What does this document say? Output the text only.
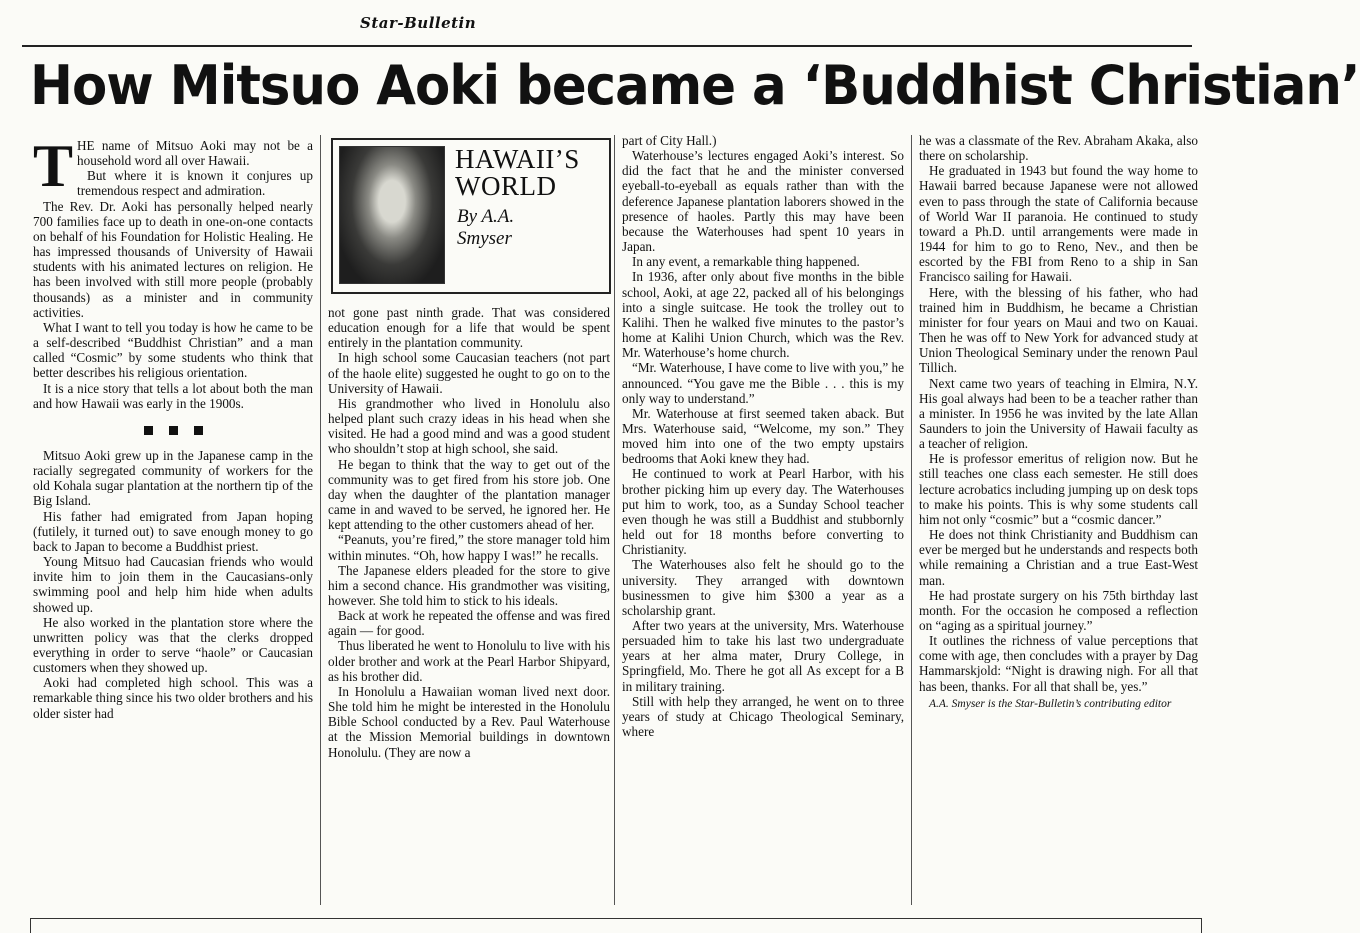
Star-Bulletin
How Mitsuo Aoki became a ‘Buddhist Christian’
T HE name of Mitsuo Aoki may not be a household word all over Hawaii.

But where it is known it conjures up tremendous respect and admiration.

The Rev. Dr. Aoki has personally helped nearly 700 families face up to death in one-on-one contacts on behalf of his Foundation for Holistic Healing. He has impressed thousands of University of Hawaii students with his animated lectures on religion. He has been involved with still more people (probably thousands) as a minister and in community activities.

What I want to tell you today is how he came to be a self-described “Buddhist Christian” and a man called “Cosmic” by some students who think that better describes his religious orientation.

It is a nice story that tells a lot about both the man and how Hawaii was early in the 1900s.

Mitsuo Aoki grew up in the Japanese camp in the racially segregated community of workers for the old Kohala sugar plantation at the northern tip of the Big Island.

His father had emigrated from Japan hoping (futilely, it turned out) to save enough money to go back to Japan to become a Buddhist priest.

Young Mitsuo had Caucasian friends who would invite him to join them in the Caucasians-only swimming pool and help him hide when adults showed up.

He also worked in the plantation store where the unwritten policy was that the clerks dropped everything in order to serve “haole” or Caucasian customers when they showed up.

Aoki had completed high school. This was a remarkable thing since his two older brothers and his older sister had

HAWAII’S
WORLD
By A.A.
Smyser

not gone past ninth grade. That was considered education enough for a life that would be spent entirely in the plantation community.

In high school some Caucasian teachers (not part of the haole elite) suggested he ought to go on to the University of Hawaii.

His grandmother who lived in Honolulu also helped plant such crazy ideas in his head when she visited. He had a good mind and was a good student who shouldn’t stop at high school, she said.

He began to think that the way to get out of the community was to get fired from his store job. One day when the daughter of the plantation manager came in and waved to be served, he ignored her. He kept attending to the other customers ahead of her.

“Peanuts, you’re fired,” the store manager told him within minutes. “Oh, how happy I was!” he recalls.

The Japanese elders pleaded for the store to give him a second chance. His grandmother was visiting, however. She told him to stick to his ideals.

Back at work he repeated the offense and was fired again — for good.

Thus liberated he went to Honolulu to live with his older brother and work at the Pearl Harbor Shipyard, as his brother did.

In Honolulu a Hawaiian woman lived next door. She told him he might be interested in the Honolulu Bible School conducted by a Rev. Paul Waterhouse at the Mission Memorial buildings in downtown Honolulu. (They are now a

part of City Hall.)

Waterhouse’s lectures engaged Aoki’s interest. So did the fact that he and the minister conversed eyeball-to-eyeball as equals rather than with the deference Japanese plantation laborers showed in the presence of haoles. Partly this may have been because the Waterhouses had spent 10 years in Japan.

In any event, a remarkable thing happened.

In 1936, after only about five months in the bible school, Aoki, at age 22, packed all of his belongings into a single suitcase. He took the trolley out to Kalihi. Then he walked five minutes to the pastor’s home at Kalihi Union Church, which was the Rev. Mr. Waterhouse’s home church.

“Mr. Waterhouse, I have come to live with you,” he announced. “You gave me the Bible . . . this is my only way to understand.”

Mr. Waterhouse at first seemed taken aback. But Mrs. Waterhouse said, “Welcome, my son.” They moved him into one of the two empty upstairs bedrooms that Aoki knew they had.

He continued to work at Pearl Harbor, with his brother picking him up every day. The Waterhouses put him to work, too, as a Sunday School teacher even though he was still a Buddhist and stubbornly held out for 18 months before converting to Christianity.

The Waterhouses also felt he should go to the university. They arranged with downtown businessmen to give him $300 a year as a scholarship grant.

After two years at the university, Mrs. Waterhouse persuaded him to take his last two undergraduate years at her alma mater, Drury College, in Springfield, Mo. There he got all As except for a B in military training.

Still with help they arranged, he went on to three years of study at Chicago Theological Seminary, where

he was a classmate of the Rev. Abraham Akaka, also there on scholarship.

He graduated in 1943 but found the way home to Hawaii barred because Japanese were not allowed even to pass through the state of California because of World War II paranoia. He continued to study toward a Ph.D. until arrangements were made in 1944 for him to go to Reno, Nev., and then be escorted by the FBI from Reno to a ship in San Francisco sailing for Hawaii.

Here, with the blessing of his father, who had trained him in Buddhism, he became a Christian minister for four years on Maui and two on Kauai. Then he was off to New York for advanced study at Union Theological Seminary under the renown Paul Tillich.

Next came two years of teaching in Elmira, N.Y. His goal always had been to be a teacher rather than a minister. In 1956 he was invited by the late Allan Saunders to join the University of Hawaii faculty as a teacher of religion.

He is professor emeritus of religion now. But he still teaches one class each semester. He still does lecture acrobatics including jumping up on desk tops to make his points. This is why some students call him not only “cosmic” but a “cosmic dancer.”

He does not think Christianity and Buddhism can ever be merged but he understands and respects both while remaining a Christian and a true East-West man.

He had prostate surgery on his 75th birthday last month. For the occasion he composed a reflection on “aging as a spiritual journey.”

It outlines the richness of value perceptions that come with age, then concludes with a prayer by Dag Hammarskjold: “Night is drawing nigh. For all that has been, thanks. For all that shall be, yes.”

A.A. Smyser is the Star-Bulletin’s contributing editor
